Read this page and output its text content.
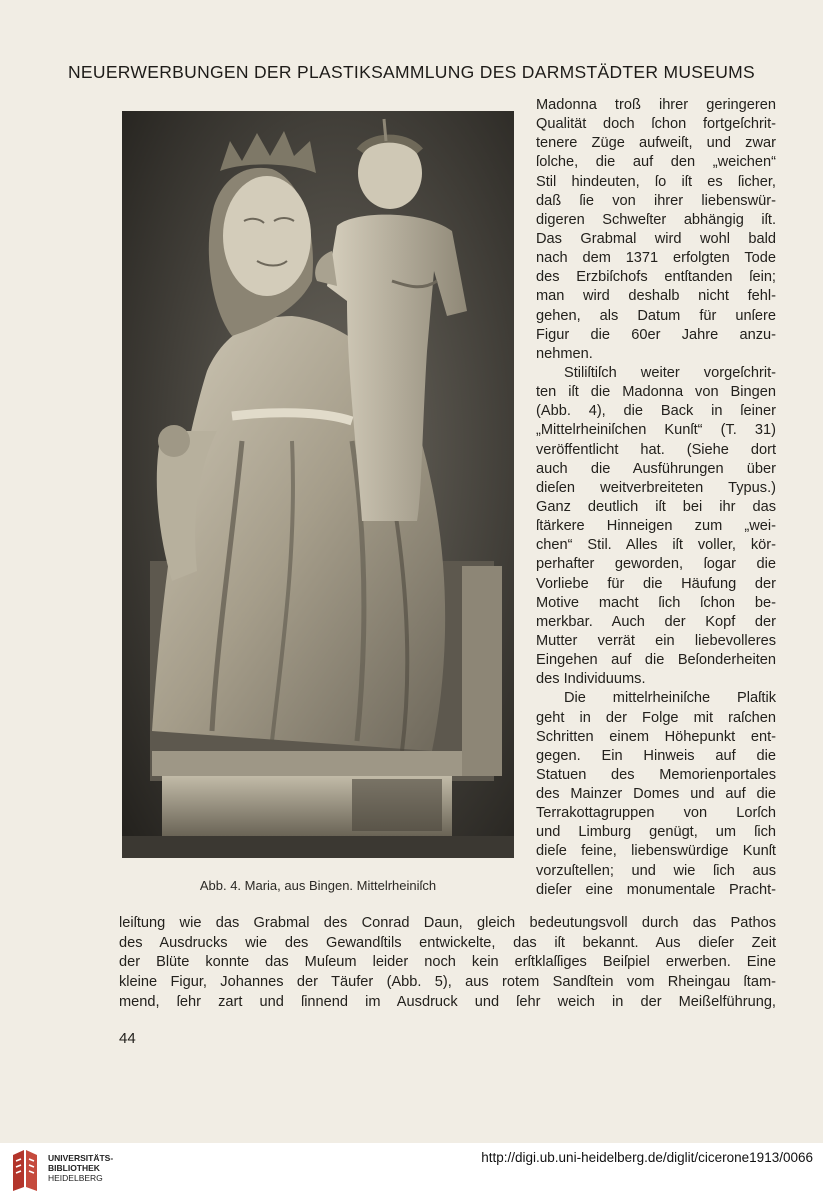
NEUERWERBUNGEN DER PLASTIKSAMMLUNG DES DARMSTÄDTER MUSEUMS
Abb. 4. Maria, aus Bingen. Mittelrheiniſch
Madonna troß ihrer geringeren
Qualität doch ſchon fortgeſchrit-
tenere Züge aufweiſt, und zwar
ſolche, die auf den „weichen“
Stil hindeuten, ſo iſt es ſicher,
daß ſie von ihrer liebenswür-
digeren Schweſter abhängig iſt.
Das Grabmal wird wohl bald
nach dem 1371 erfolgten Tode
des Erzbiſchofs entſtanden ſein;
man wird deshalb nicht fehl-
gehen, als Datum für unſere
Figur die 60er Jahre anzu-
nehmen.
Stiliſtiſch weiter vorgeſchrit-
ten iſt die Madonna von Bingen
(Abb. 4), die Back in ſeiner
„Mittelrheiniſchen Kunſt“ (T. 31)
veröffentlicht hat. (Siehe dort
auch die Ausführungen über
dieſen weitverbreiteten Typus.)
Ganz deutlich iſt bei ihr das
ſtärkere Hinneigen zum „wei-
chen“ Stil. Alles iſt voller, kör-
perhafter geworden, ſogar die
Vorliebe für die Häufung der
Motive macht ſich ſchon be-
merkbar. Auch der Kopf der
Mutter verrät ein liebevolleres
Eingehen auf die Beſonderheiten
des Individuums.
Die mittelrheiniſche Plaſtik
geht in der Folge mit raſchen
Schritten einem Höhepunkt ent-
gegen. Ein Hinweis auf die
Statuen des Memorienportales
des Mainzer Domes und auf die
Terrakottagruppen von Lorſch
und Limburg genügt, um ſich
dieſe feine, liebenswürdige Kunſt
vorzuſtellen; und wie ſich aus
dieſer eine monumentale Pracht-
leiſtung wie das Grabmal des Conrad Daun, gleich bedeutungsvoll durch das Pathos
des Ausdrucks wie des Gewandſtils entwickelte, das iſt bekannt. Aus dieſer Zeit
der Blüte konnte das Muſeum leider noch kein erſtklaſſiges Beiſpiel erwerben. Eine
kleine Figur, Johannes der Täufer (Abb. 5), aus rotem Sandſtein vom Rheingau ſtam-
mend, ſehr zart und ſinnend im Ausdruck und ſehr weich in der Meißelführung,
44
UNIVERSITÄTS-
BIBLIOTHEK
HEIDELBERG
http://digi.ub.uni-heidelberg.de/diglit/cicerone1913/0066
